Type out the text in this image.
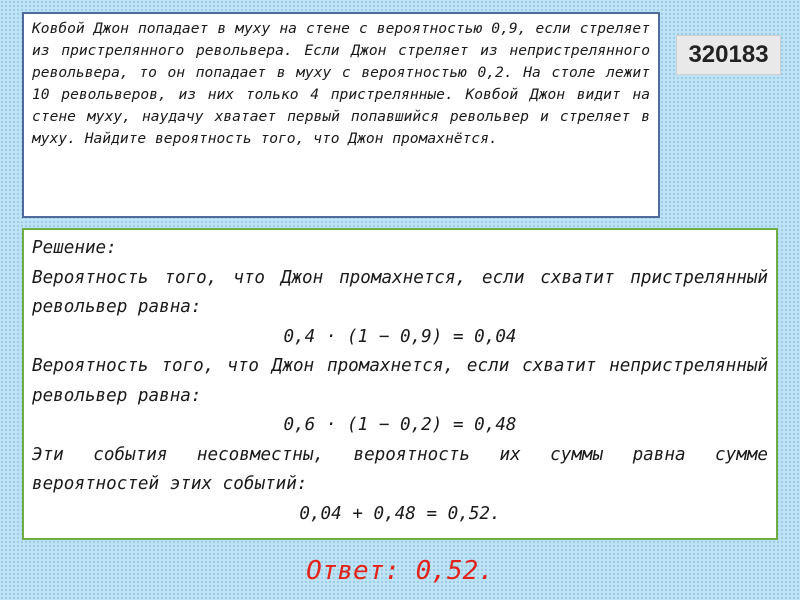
Ковбой Джон попадает в муху на стене с вероятностью 0,9, если стреляет из пристрелянного револьвера. Если Джон стреляет из непристрелянного револьвера, то он попадает в муху с вероятностью 0,2. На столе лежит 10 револьверов, из них только 4 пристрелянные. Ковбой Джон видит на стене муху, наудачу хватает первый попавшийся револьвер и стреляет в муху. Найдите вероятность того, что Джон промахнётся.

320183

Решение:

Вероятность того, что Джон промахнется, если схватит пристрелянный револьвер равна:

0,4 · (1 − 0,9) = 0,04

Вероятность того, что Джон промахнется, если схватит непристрелянный револьвер равна:

0,6 · (1 − 0,2) = 0,48

Эти события несовместны, вероятность их суммы равна сумме вероятностей этих событий:

0,04 + 0,48 = 0,52.

Ответ: 0,52.
